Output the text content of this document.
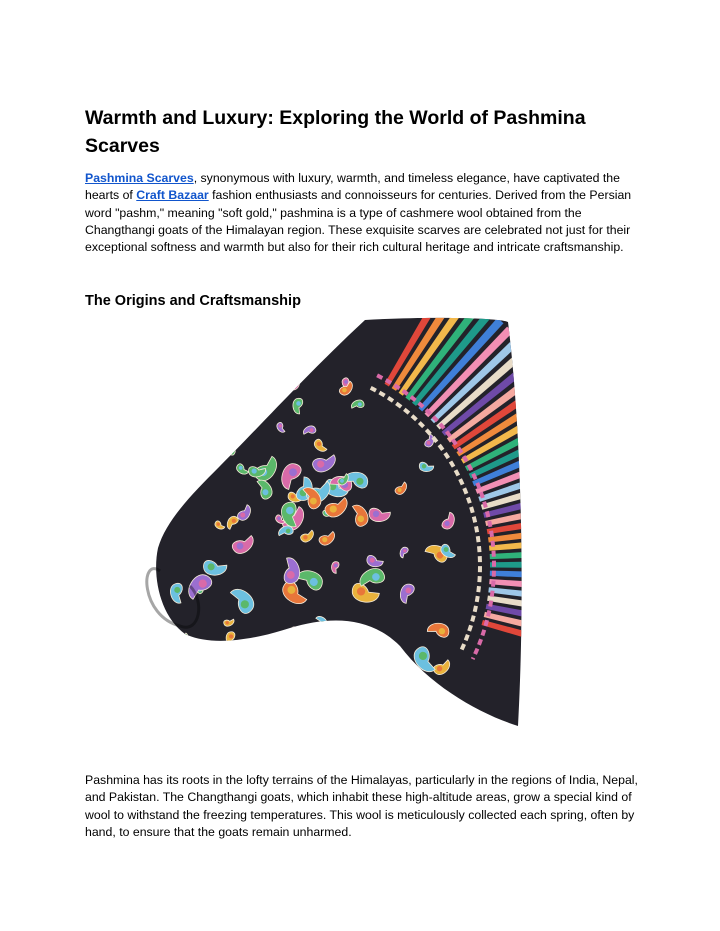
Warmth and Luxury: Exploring the World of Pashmina Scarves

Pashmina Scarves, synonymous with luxury, warmth, and timeless elegance, have captivated the hearts of Craft Bazaar fashion enthusiasts and connoisseurs for centuries. Derived from the Persian word "pashm," meaning "soft gold," pashmina is a type of cashmere wool obtained from the Changthangi goats of the Himalayan region. These exquisite scarves are celebrated not just for their exceptional softness and warmth but also for their rich cultural heritage and intricate craftsmanship.

The Origins and Craftsmanship

Pashmina has its roots in the lofty terrains of the Himalayas, particularly in the regions of India, Nepal, and Pakistan. The Changthangi goats, which inhabit these high-altitude areas, grow a special kind of wool to withstand the freezing temperatures. This wool is meticulously collected each spring, often by hand, to ensure that the goats remain unharmed.
